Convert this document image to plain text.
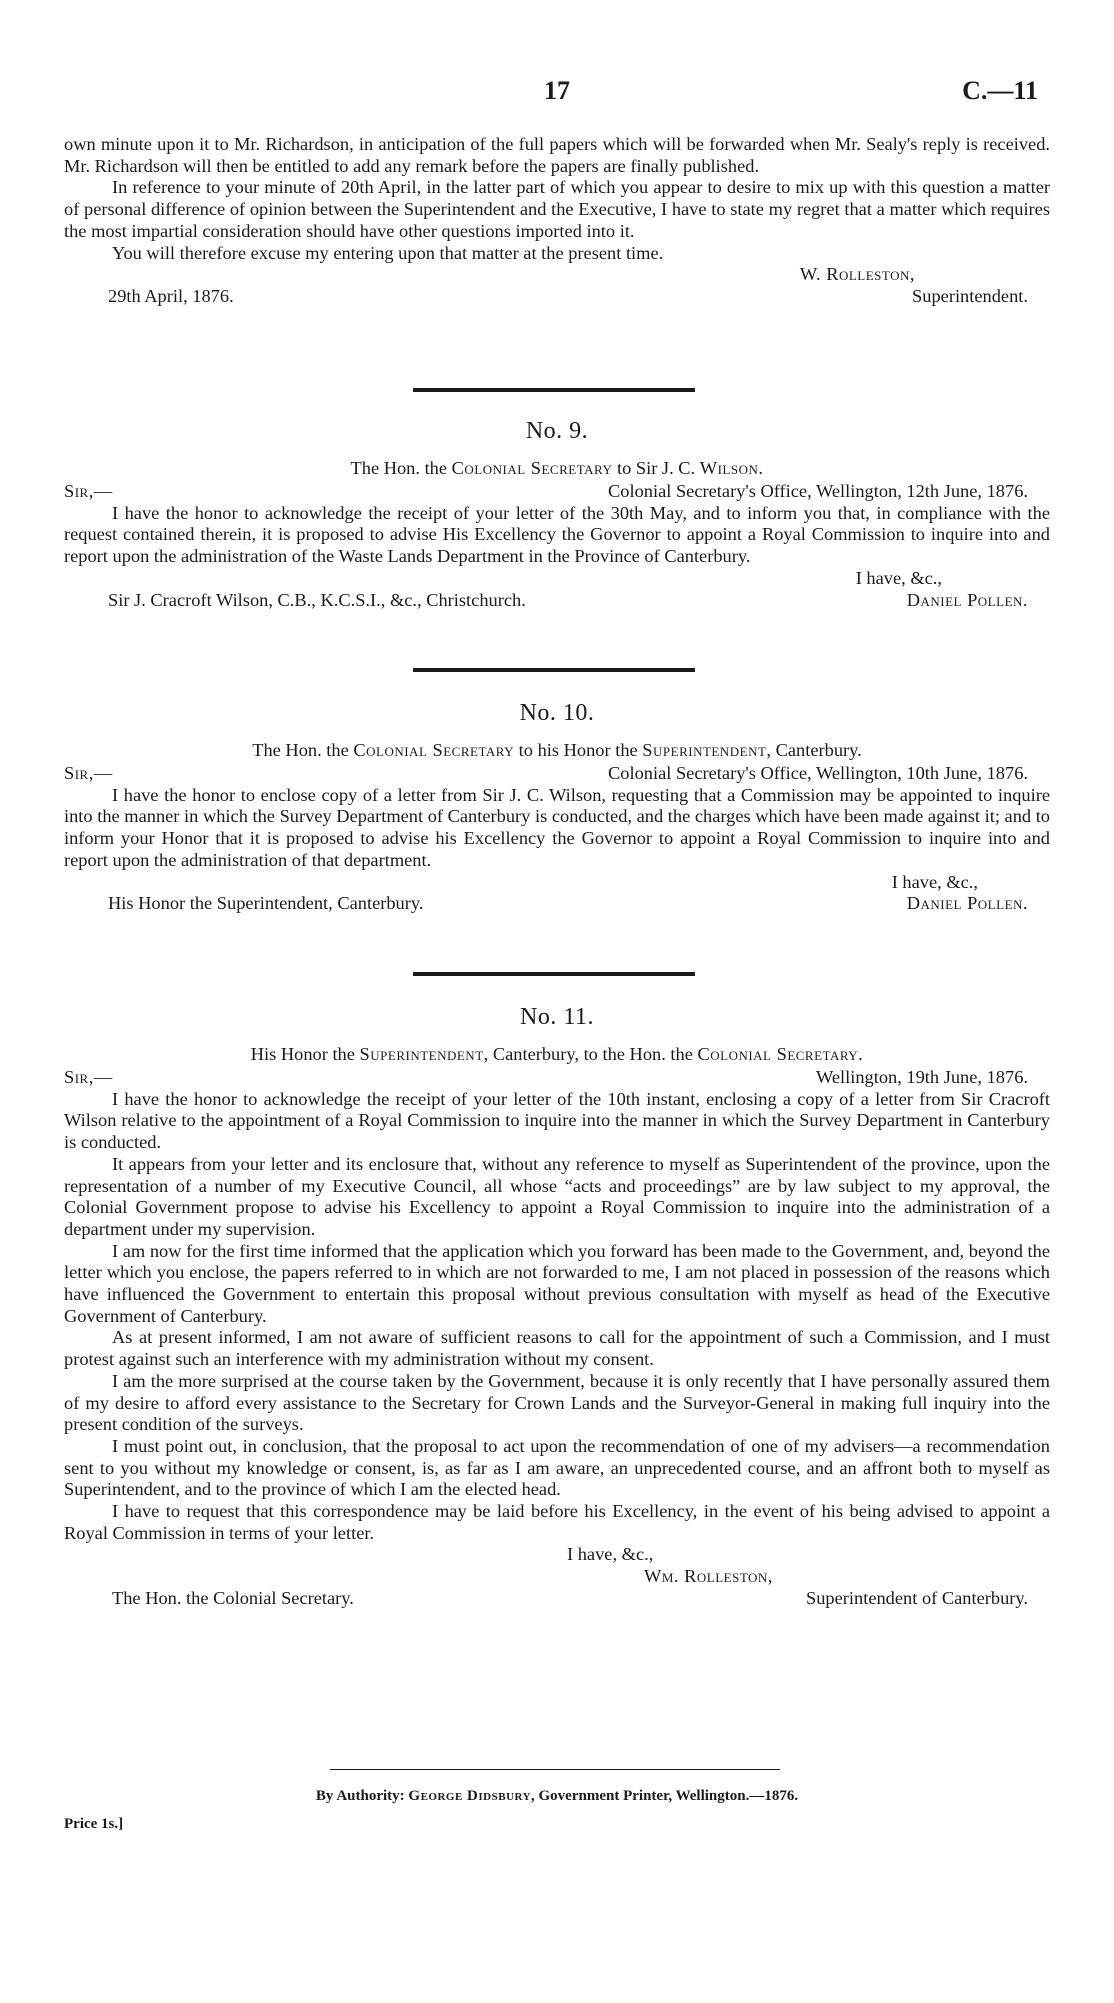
17	C.—11

own minute upon it to Mr. Richardson, in anticipation of the full papers which will be forwarded when Mr. Sealy's reply is received. Mr. Richardson will then be entitled to add any remark before the papers are finally published.

In reference to your minute of 20th April, in the latter part of which you appear to desire to mix up with this question a matter of personal difference of opinion between the Superintendent and the Executive, I have to state my regret that a matter which requires the most impartial consideration should have other questions imported into it.

You will therefore excuse my entering upon that matter at the present time.

W. Rolleston,
29th April, 1876.	Superintendent.
No. 9.
The Hon. the Colonial Secretary to Sir J. C. Wilson.
Sir,—	Colonial Secretary's Office, Wellington, 12th June, 1876.

I have the honor to acknowledge the receipt of your letter of the 30th May, and to inform you that, in compliance with the request contained therein, it is proposed to advise His Excellency the Governor to appoint a Royal Commission to inquire into and report upon the administration of the Waste Lands Department in the Province of Canterbury.

I have, &c.,
Sir J. Cracroft Wilson, C.B., K.C.S.I., &c., Christchurch.	Daniel Pollen.
No. 10.
The Hon. the Colonial Secretary to his Honor the Superintendent, Canterbury.
Sir,—	Colonial Secretary's Office, Wellington, 10th June, 1876.

I have the honor to enclose copy of a letter from Sir J. C. Wilson, requesting that a Commission may be appointed to inquire into the manner in which the Survey Department of Canterbury is conducted, and the charges which have been made against it; and to inform your Honor that it is proposed to advise his Excellency the Governor to appoint a Royal Commission to inquire into and report upon the administration of that department.

I have, &c.,
His Honor the Superintendent, Canterbury.	Daniel Pollen.
No. 11.
His Honor the Superintendent, Canterbury, to the Hon. the Colonial Secretary.
Sir,—	Wellington, 19th June, 1876.

I have the honor to acknowledge the receipt of your letter of the 10th instant, enclosing a copy of a letter from Sir Cracroft Wilson relative to the appointment of a Royal Commission to inquire into the manner in which the Survey Department in Canterbury is conducted.

It appears from your letter and its enclosure that, without any reference to myself as Superintendent of the province, upon the representation of a number of my Executive Council, all whose “acts and proceedings” are by law subject to my approval, the Colonial Government propose to advise his Excellency to appoint a Royal Commission to inquire into the administration of a department under my supervision.

I am now for the first time informed that the application which you forward has been made to the Government, and, beyond the letter which you enclose, the papers referred to in which are not forwarded to me, I am not placed in possession of the reasons which have influenced the Government to entertain this proposal without previous consultation with myself as head of the Executive Government of Canterbury.

As at present informed, I am not aware of sufficient reasons to call for the appointment of such a Commission, and I must protest against such an interference with my administration without my consent.

I am the more surprised at the course taken by the Government, because it is only recently that I have personally assured them of my desire to afford every assistance to the Secretary for Crown Lands and the Surveyor-General in making full inquiry into the present condition of the surveys.

I must point out, in conclusion, that the proposal to act upon the recommendation of one of my advisers—a recommendation sent to you without my knowledge or consent, is, as far as I am aware, an unprecedented course, and an affront both to myself as Superintendent, and to the province of which I am the elected head.

I have to request that this correspondence may be laid before his Excellency, in the event of his being advised to appoint a Royal Commission in terms of your letter.

I have, &c.,
Wm. Rolleston,
The Hon. the Colonial Secretary.	Superintendent of Canterbury.
By Authority: George Didsbury, Government Printer, Wellington.—1876.
Price 1s.]
